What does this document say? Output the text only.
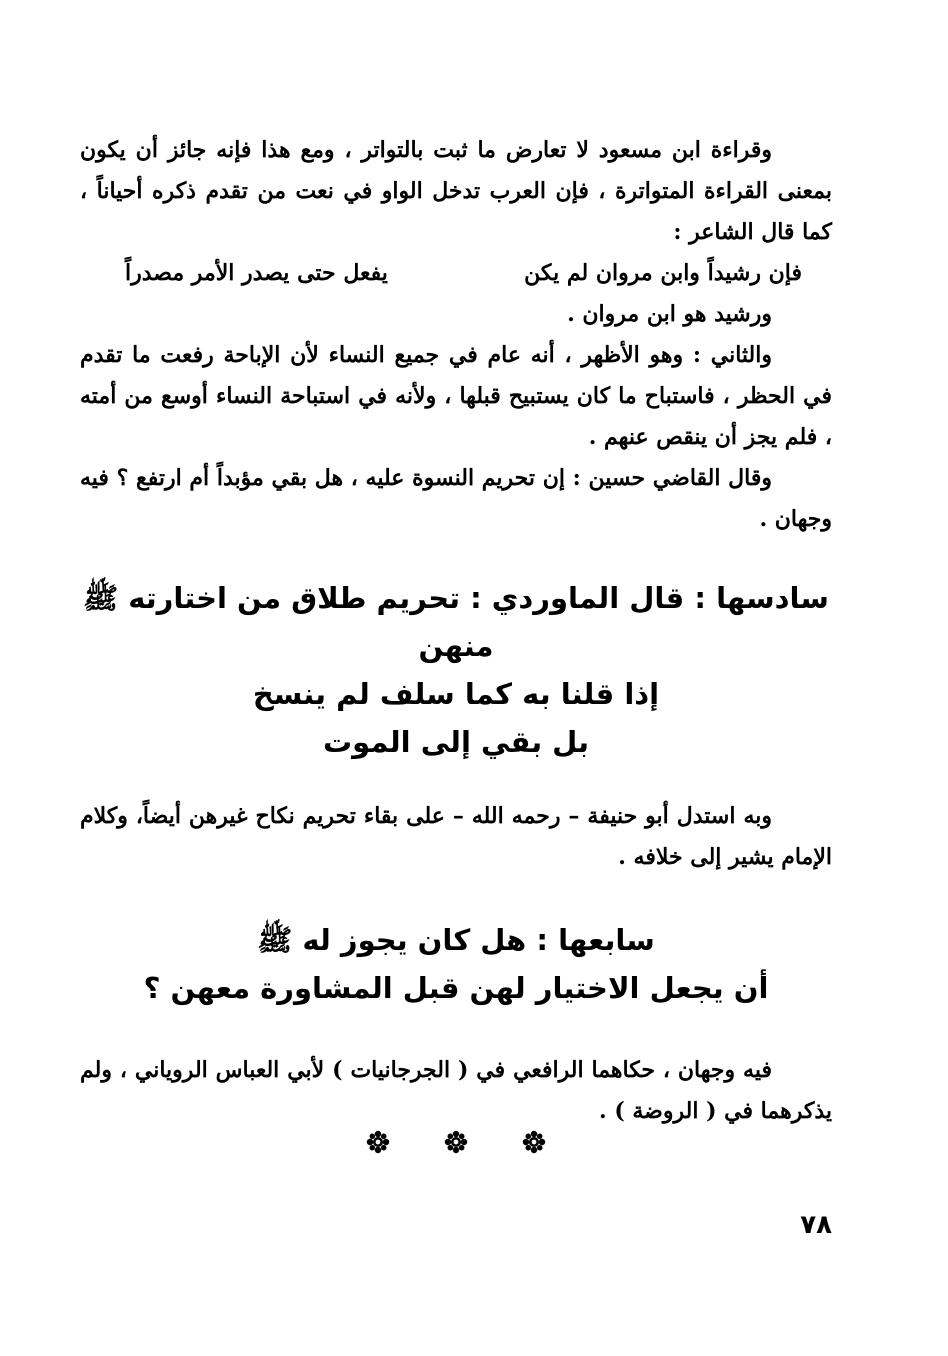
وقراءة ابن مسعود لا تعارض ما ثبت بالتواتر ، ومع هذا فإنه جائز أن يكون بمعنى القراءة المتواترة ، فإن العرب تدخل الواو في نعت من تقدم ذكره أحياناً ، كما قال الشاعر :

فإن رشيداً وابن مروان لم يكن
يفعل حتى يصدر الأمر مصدراً

ورشيد هو ابن مروان .

والثاني : وهو الأظهر ، أنه عام في جميع النساء لأن الإباحة رفعت ما تقدم في الحظر ، فاستباح ما كان يستبيح قبلها ، ولأنه في استباحة النساء أوسع من أمته ، فلم يجز أن ينقص عنهم .

وقال القاضي حسين : إن تحريم النسوة عليه ، هل بقي مؤبداً أم ارتفع ؟ فيه وجهان .

سادسها : قال الماوردي : تحريم طلاق من اختارته ﷺ منهن

إذا قلنا به كما سلف لم ينسخ

بل بقي إلى الموت

وبه استدل أبو حنيفة – رحمه الله – على بقاء تحريم نكاح غيرهن أيضاً، وكلام الإمام يشير إلى خلافه .

سابعها : هل كان يجوز له ﷺ

أن يجعل الاختيار لهن قبل المشاورة معهن ؟

فيه وجهان ، حكاهما الرافعي في ( الجرجانيات ) لأبي العباس الروياني ، ولم يذكرهما في ( الروضة ) .

٧٨
